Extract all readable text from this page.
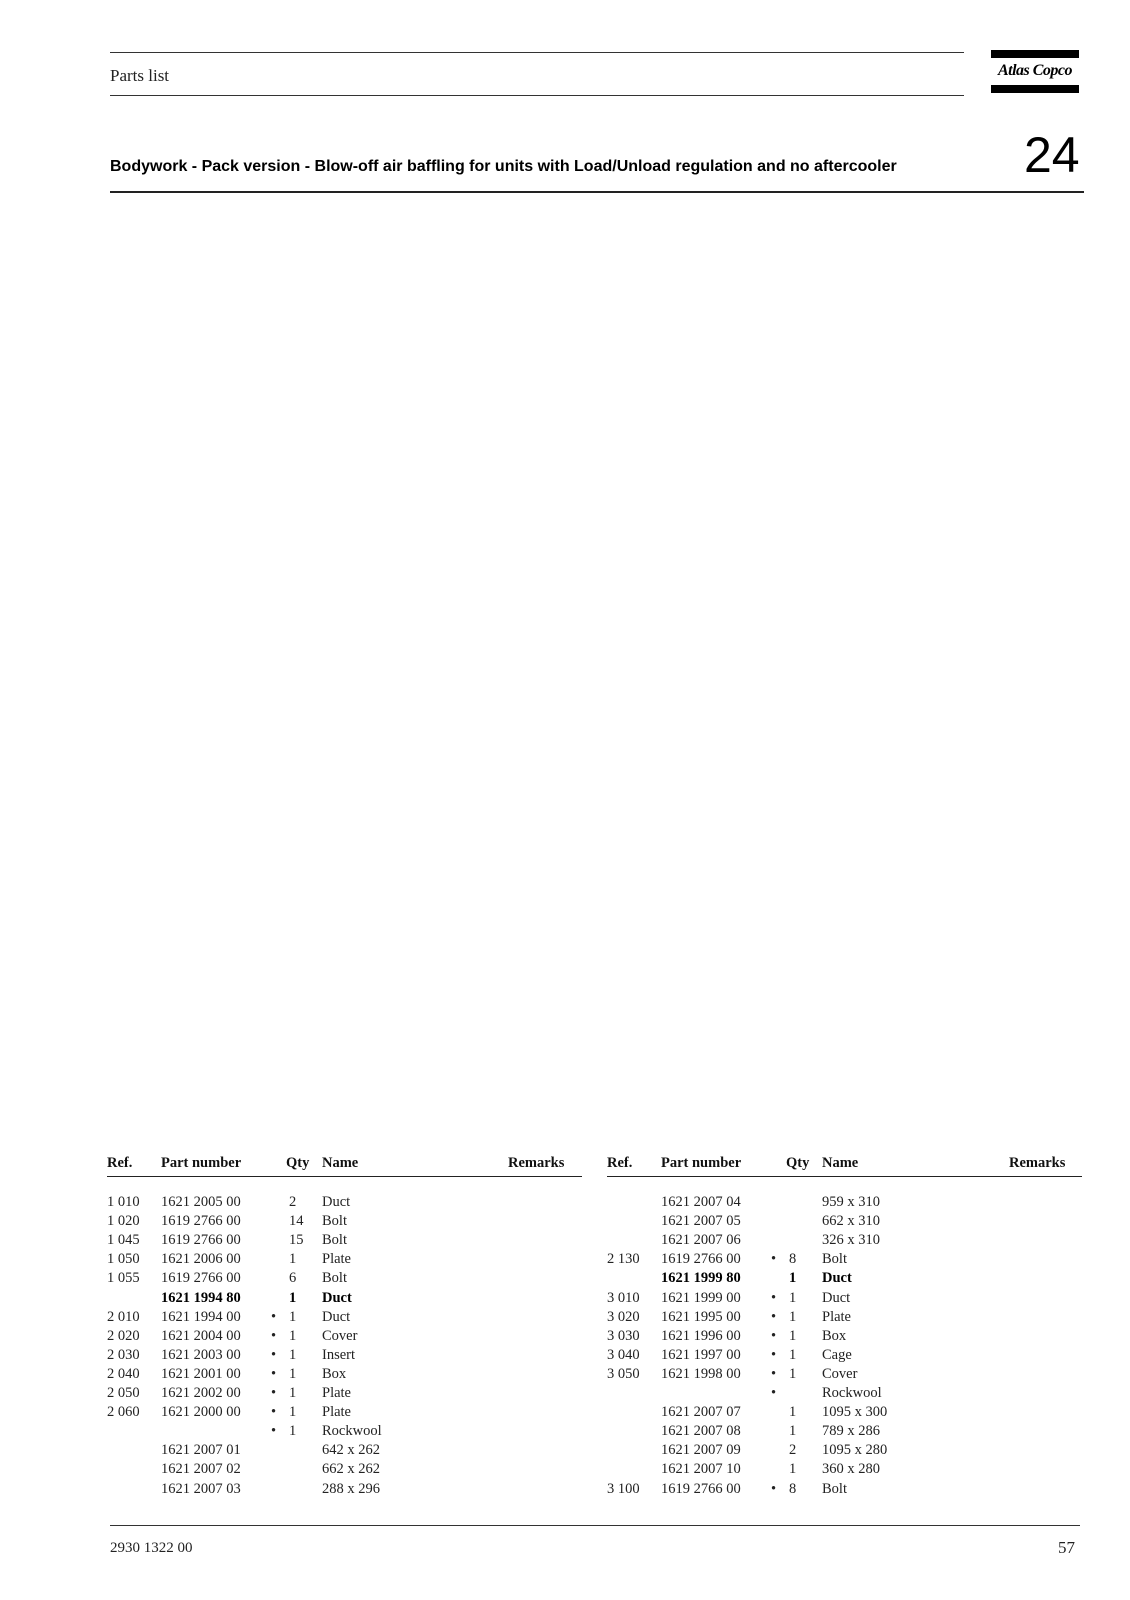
Parts list	Atlas Copco
Bodywork - Pack version - Blow-off air baffling for units with Load/Unload regulation and no aftercooler	24
Ref. Part number	Qty Name	Remarks
1 010 1621 2005 00	2 Duct
1 020 1619 2766 00	14 Bolt
1 045 1619 2766 00	15 Bolt
1 050 1621 2006 00	1 Plate
1 055 1619 2766 00	6 Bolt
1621 1994 80	1 Duct
2 010 1621 1994 00 • 1 Duct
2 020 1621 2004 00 • 1 Cover
2 030 1621 2003 00 • 1 Insert
2 040 1621 2001 00 • 1 Box
2 050 1621 2002 00 • 1 Plate
2 060 1621 2000 00 • 1 Plate
• 1 Rockwool
1621 2007 01	642 x 262
1621 2007 02	662 x 262
1621 2007 03	288 x 296
Ref. Part number	Qty Name	Remarks
1621 2007 04	959 x 310
1621 2007 05	662 x 310
1621 2007 06	326 x 310
2 130 1619 2766 00 • 8 Bolt
1621 1999 80	1 Duct
3 010 1621 1999 00 • 1 Duct
3 020 1621 1995 00 • 1 Plate
3 030 1621 1996 00 • 1 Box
3 040 1621 1997 00 • 1 Cage
3 050 1621 1998 00 • 1 Cover
•	Rockwool
1621 2007 07	1 1095 x 300
1621 2007 08	1 789 x 286
1621 2007 09	2 1095 x 280
1621 2007 10	1 360 x 280
3 100 1619 2766 00 • 8 Bolt
2930 1322 00	57
